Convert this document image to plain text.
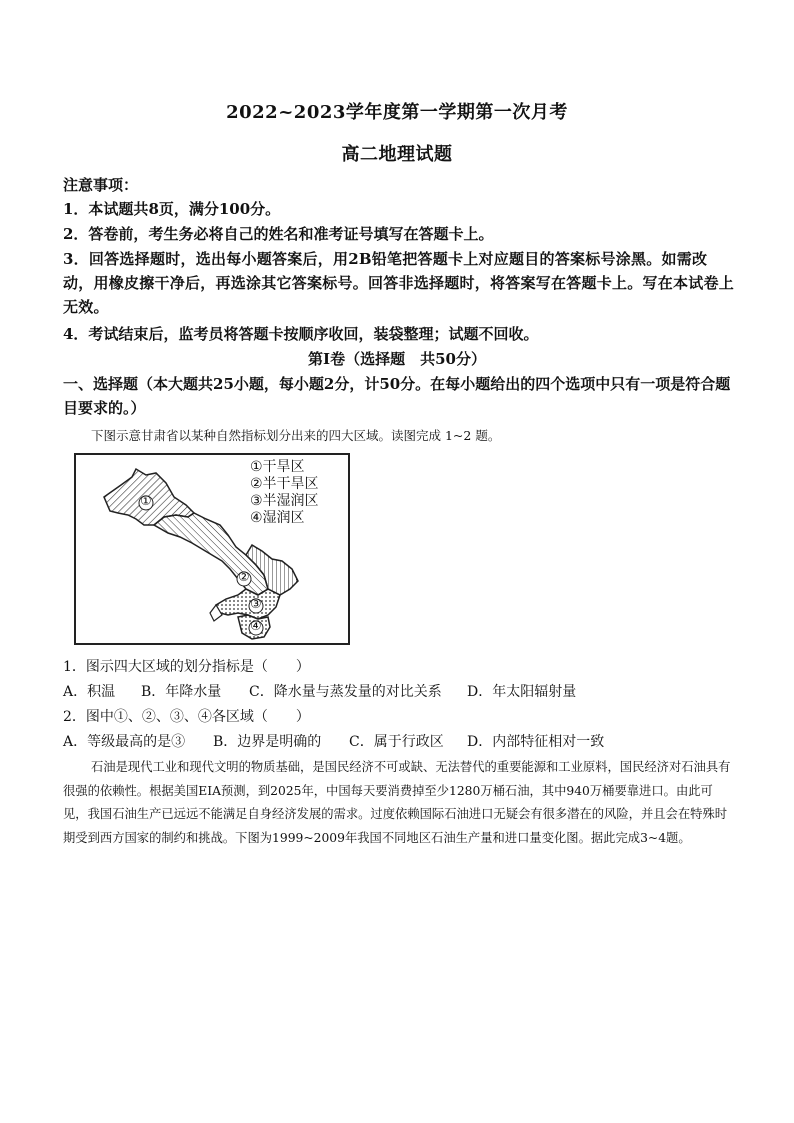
2022~2023学年度第一学期第一次月考
高二地理试题
注意事项：
1．本试题共8页，满分100分。
2．答卷前，考生务必将自己的姓名和准考证号填写在答题卡上。
3．回答选择题时，选出每小题答案后，用2B铅笔把答题卡上对应题目的答案标号涂黑。如需改动，用橡皮擦干净后，再选涂其它答案标号。回答非选择题时，将答案写在答题卡上。写在本试卷上无效。
4．考试结束后，监考员将答题卡按顺序收回，装袋整理；试题不回收。
第Ⅰ卷（选择题　共50分）
一、选择题（本大题共25小题，每小题2分，计50分。在每小题给出的四个选项中只有一项是符合题目要求的。）
下图示意甘肃省以某种自然指标划分出来的四大区域。读图完成 1~2 题。
①
②
③
④
①干旱区
②半干旱区
③半湿润区
④湿润区
1．图示四大区域的划分指标是（　　）
A．积温 B．年降水量 C．降水量与蒸发量的对比关系 D．年太阳辐射量
2．图中①、②、③、④各区域（　　）
A．等级最高的是③ B．边界是明确的 C．属于行政区 D．内部特征相对一致
石油是现代工业和现代文明的物质基础，是国民经济不可或缺、无法替代的重要能源和工业原料，国民经济对石油具有很强的依赖性。根据美国EIA预测，到2025年，中国每天要消费掉至少1280万桶石油，其中940万桶要靠进口。由此可见，我国石油生产已远远不能满足自身经济发展的需求。过度依赖国际石油进口无疑会有很多潜在的风险，并且会在特殊时期受到西方国家的制约和挑战。下图为1999~2009年我国不同地区石油生产量和进口量变化图。据此完成3~4题。
